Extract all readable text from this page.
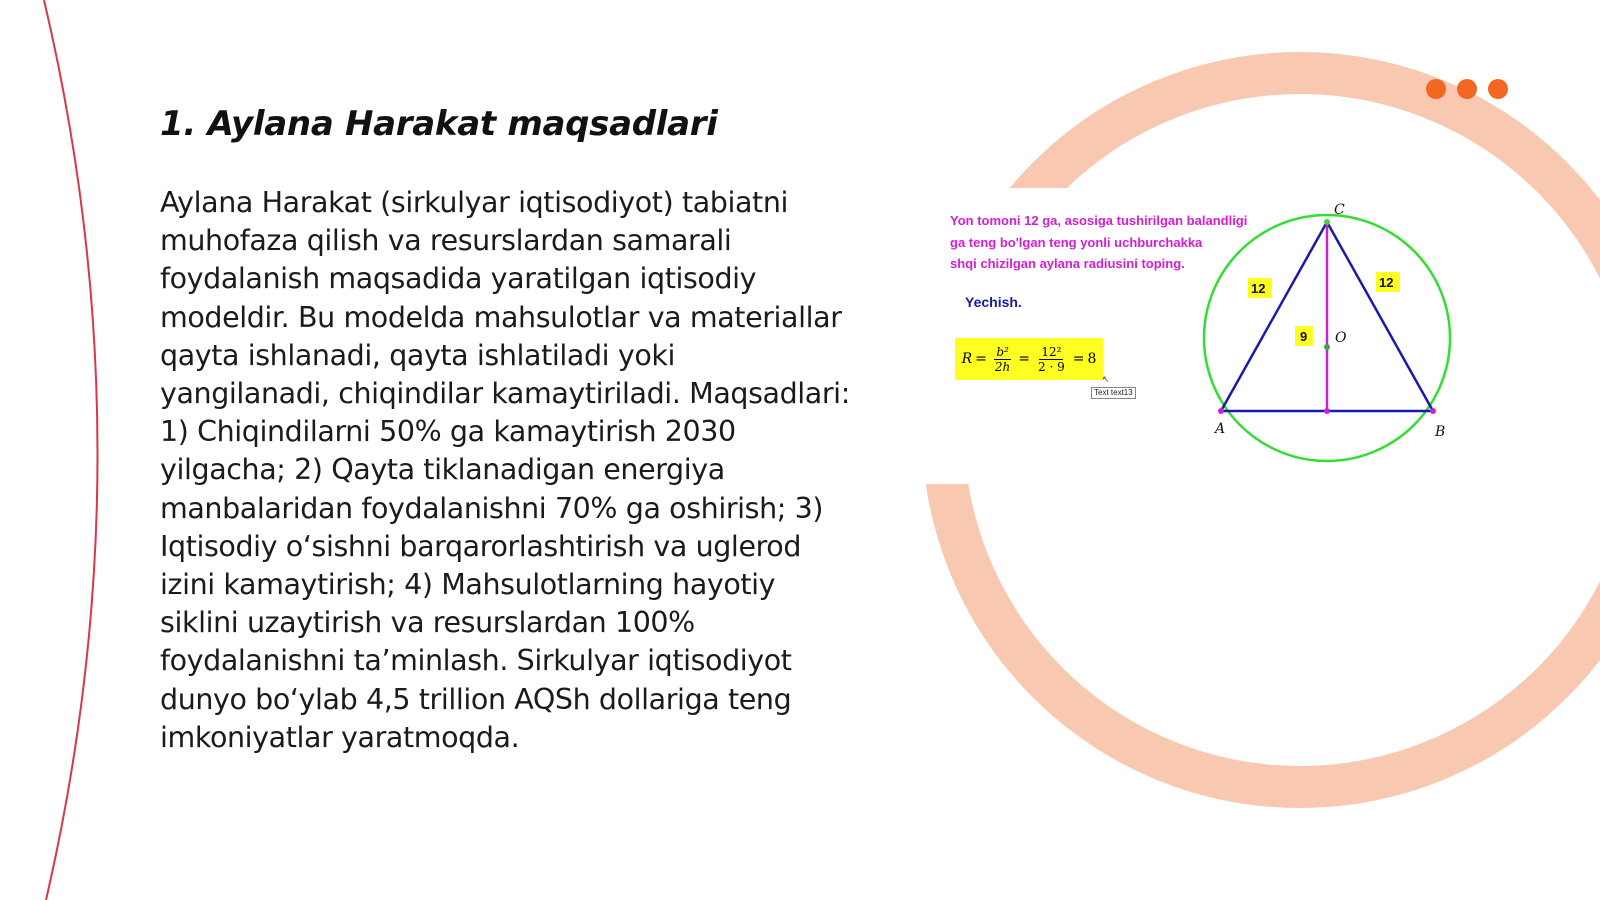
1. Aylana Harakat maqsadlari

Aylana Harakat (sirkulyar iqtisodiyot) tabiatni muhofaza qilish va resurslardan samarali foydalanish maqsadida yaratilgan iqtisodiy modeldir. Bu modelda mahsulotlar va materiallar qayta ishlanadi, qayta ishlatiladi yoki yangilanadi, chiqindilar kamaytiriladi. Maqsadlari: 1) Chiqindilarni 50% ga kamaytirish 2030 yilgacha; 2) Qayta tiklanadigan energiya manbalaridan foydalanishni 70% ga oshirish; 3) Iqtisodiy o‘sishni barqarorlashtirish va uglerod izini kamaytirish; 4) Mahsulotlarning hayotiy siklini uzaytirish va resurslardan 100% foydalanishni ta’minlash. Sirkulyar iqtisodiyot dunyo bo‘ylab 4,5 trillion AQSh dollariga teng imkoniyatlar yaratmoqda.

Yon tomoni 12 ga, asosiga tushirilgan balandligi
ga teng bo'lgan teng yonli uchburchakka
shqi chizilgan aylana radiusini toping.

Yechish.
$R = \frac{\text{b²}}{2h} = \frac{\text{12²}}{2 \cdot 9} = 8$
↖
Text text13
C
A	B
O
12	12
9
